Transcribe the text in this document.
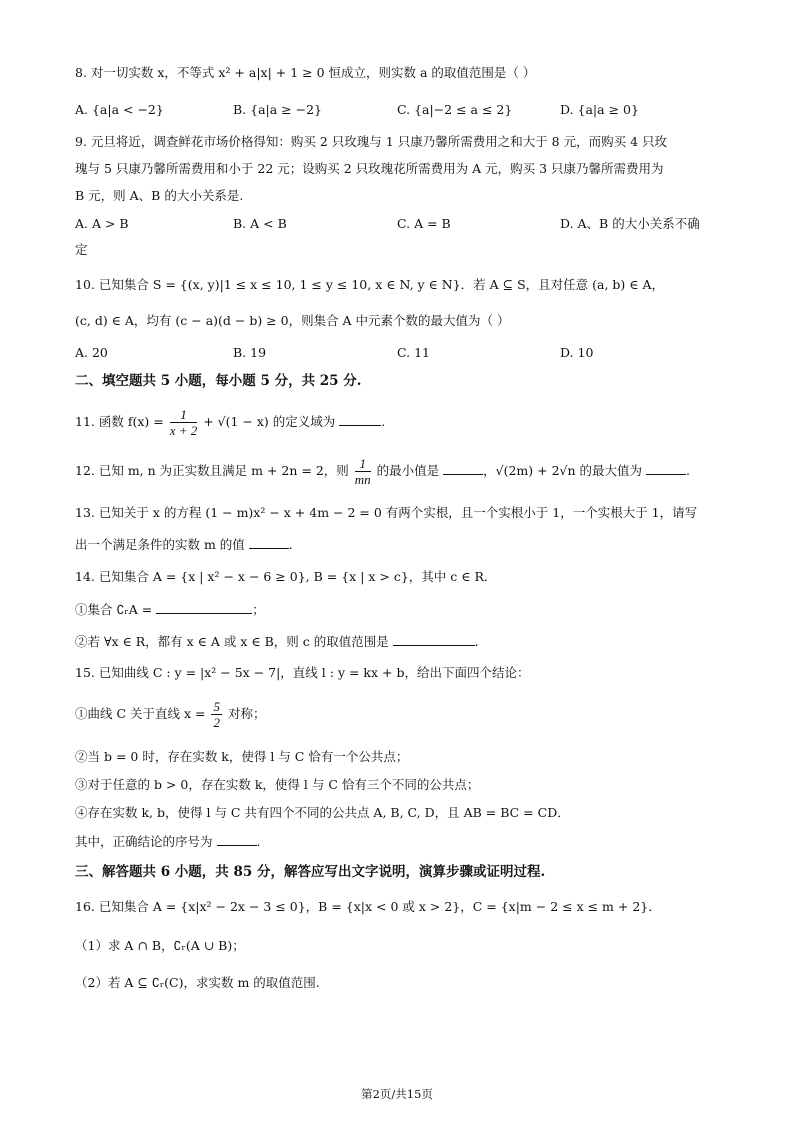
8. 对一切实数 x，不等式 x² + a|x| + 1 ≥ 0 恒成立，则实数 a 的取值范围是（ ）
A. {a|a < −2}	B. {a|a ≥ −2}	C. {a|−2 ≤ a ≤ 2}	D. {a|a ≥ 0}
9. 元旦将近，调查鲜花市场价格得知：购买 2 只玫瑰与 1 只康乃馨所需费用之和大于 8 元，而购买 4 只玫
瑰与 5 只康乃馨所需费用和小于 22 元；设购买 2 只玫瑰花所需费用为 A 元，购买 3 只康乃馨所需费用为
B 元，则 A、B 的大小关系是.
A. A > B	B. A < B	C. A = B	D. A、B 的大小关系不确
定
10. 已知集合 S = {(x, y)|1 ≤ x ≤ 10, 1 ≤ y ≤ 10, x ∈ N, y ∈ N}．若 A ⊆ S，且对任意 (a, b) ∈ A，
(c, d) ∈ A，均有 (c − a)(d − b) ≥ 0，则集合 A 中元素个数的最大值为（ ）
A. 20	B. 19	C. 11	D. 10
二、填空题共 5 小题，每小题 5 分，共 25 分.
11. 函数 $f(x) = \frac{1}{x + 2} + √(1 - x)$ 的定义域为	.
12. 已知 m, n 为正实数且满足 m + 2n = 2，则 $\frac{1}{mn}$ 的最小值是	，√(2m) + 2√n 的最大值为	.
13. 已知关于 x 的方程 (1 − m)x² − x + 4m − 2 = 0 有两个实根，且一个实根小于 1，一个实根大于 1，请写
出一个满足条件的实数 m 的值	.
14. 已知集合 A = {x | x² − x − 6 ≥ 0}, B = {x | x > c}，其中 c ∈ R．
①集合 ∁ᵣA =	；
②若 ∀x ∈ R，都有 x ∈ A 或 x ∈ B，则 c 的取值范围是	.
15. 已知曲线 C : y = |x² − 5x − 7|，直线 l : y = kx + b，给出下面四个结论：
①曲线 C 关于直线 $x = \frac{5}{2}$ 对称；
②当 b = 0 时，存在实数 k，使得 l 与 C 恰有一个公共点；
③对于任意的 b > 0，存在实数 k，使得 l 与 C 恰有三个不同的公共点；
④存在实数 k, b，使得 l 与 C 共有四个不同的公共点 A, B, C, D，且 AB = BC = CD．
其中，正确结论的序号为	.
三、解答题共 6 小题，共 85 分，解答应写出文字说明，演算步骤或证明过程.
16. 已知集合 A = {x|x² − 2x − 3 ≤ 0}，B = {x|x < 0 或 x > 2}，C = {x|m − 2 ≤ x ≤ m + 2}．
（1）求 A ∩ B，∁ᵣ(A ∪ B)；
（2）若 A ⊆ ∁ᵣ(C)，求实数 m 的取值范围.
第2页/共15页
